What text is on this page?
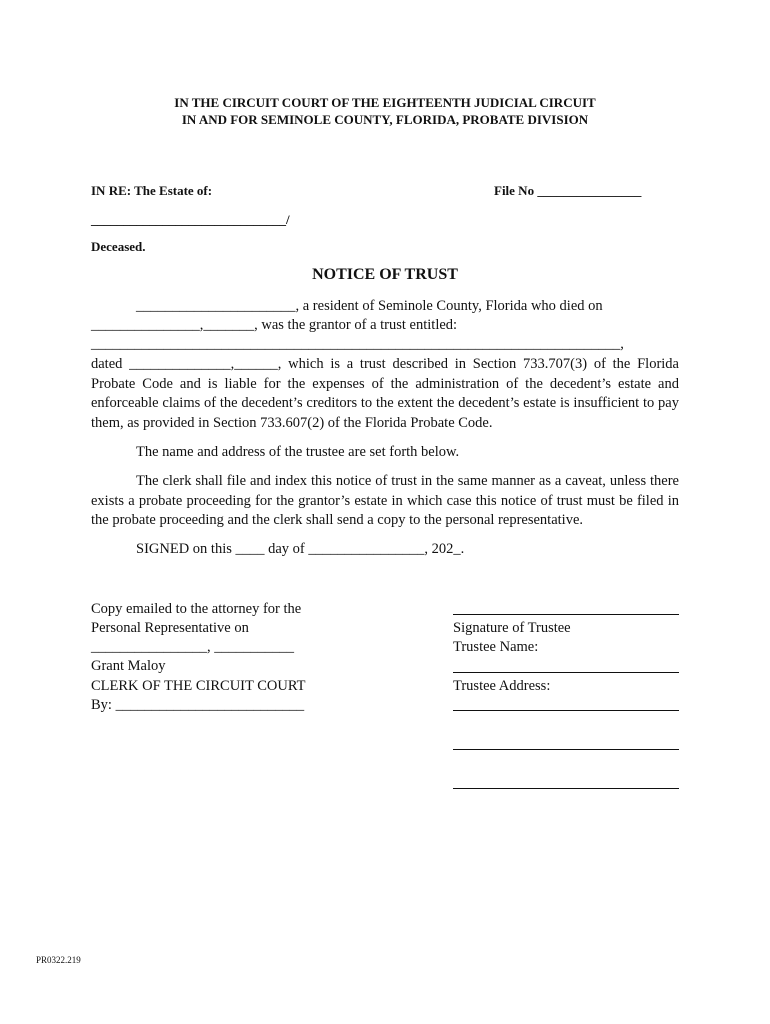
IN THE CIRCUIT COURT OF THE EIGHTEENTH JUDICIAL CIRCUIT
IN AND FOR SEMINOLE COUNTY, FLORIDA, PROBATE DIVISION
IN RE: The Estate of:	File No ________________
______________________________/
Deceased.
NOTICE OF TRUST
______________________, a resident of Seminole County, Florida who died on
_______________,_______, was the grantor of a trust entitled:
_________________________________________________________________________,

dated ______________,______, which is a trust described in Section 733.707(3) of the Florida Probate Code and is liable for the expenses of the administration of the decedent’s estate and enforceable claims of the decedent’s creditors to the extent the decedent’s estate is insufficient to pay them, as provided in Section 733.607(2) of the Florida Probate Code.

The name and address of the trustee are set forth below.

The clerk shall file and index this notice of trust in the same manner as a caveat, unless there exists a probate proceeding for the grantor’s estate in which case this notice of trust must be filed in the probate proceeding and the clerk shall send a copy to the personal representative.

SIGNED on this ____ day of ________________, 202_.
Copy emailed to the attorney for the
Personal Representative on
________________, ___________
Grant Maloy
CLERK OF THE CIRCUIT COURT
By: __________________________
Signature of Trustee
Trustee Name:
Trustee Address:
PR0322.219
